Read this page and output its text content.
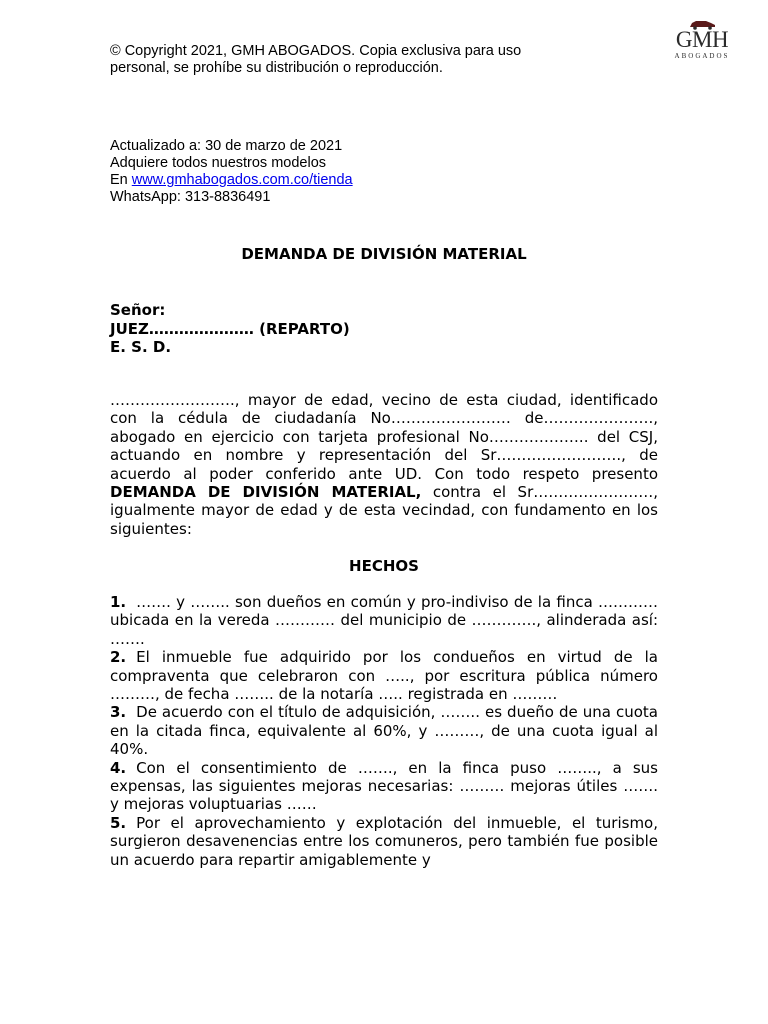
© Copyright 2021, GMH ABOGADOS. Copia exclusiva para uso personal, se prohíbe su distribución o reproducción.
GMH
ABOGADOS
Actualizado a: 30 de marzo de 2021
Adquiere todos nuestros modelos
En www.gmhabogados.com.co/tienda
WhatsApp: 313-8836491
DEMANDA DE DIVISIÓN MATERIAL
Señor:
JUEZ………………… (REPARTO)
E. S. D.
……………………., mayor de edad, vecino de esta ciudad, identificado con la cédula de ciudadanía No…………………… de…………………., abogado en ejercicio con tarjeta profesional No……………….. del CSJ, actuando en nombre y representación del Sr……………………., de acuerdo al poder conferido ante UD. Con todo respeto presento DEMANDA DE DIVISIÓN MATERIAL, contra el Sr……………………, igualmente mayor de edad y de esta vecindad, con fundamento en los siguientes:
HECHOS

1. ……. y …….. son dueños en común y pro-indiviso de la finca ………… ubicada en la vereda ………… del municipio de …………., alinderada así: …….

2. El inmueble fue adquirido por los condueños en virtud de la compraventa que celebraron con ….., por escritura pública número ………, de fecha …….. de la notaría ….. registrada en ………

3. De acuerdo con el título de adquisición, …….. es dueño de una cuota en la citada finca, equivalente al 60%, y ………, de una cuota igual al 40%.

4. Con el consentimiento de ……., en la finca puso …….., a sus expensas, las siguientes mejoras necesarias: ……… mejoras útiles ……. y mejoras voluptuarias ……

5. Por el aprovechamiento y explotación del inmueble, el turismo, surgieron desavenencias entre los comuneros, pero también fue posible un acuerdo para repartir amigablemente y
